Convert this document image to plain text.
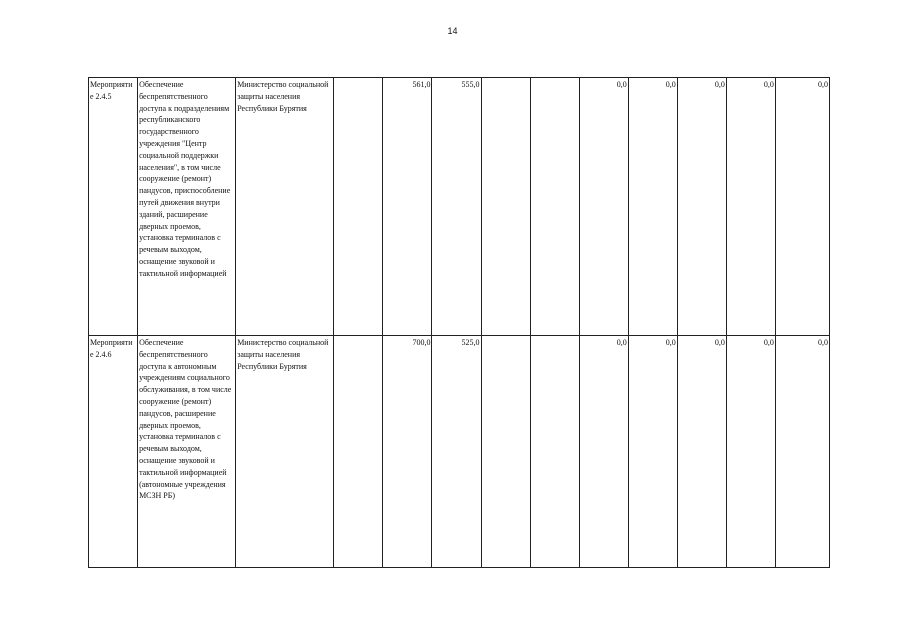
14
Мероприятие 2.4.5	Обеспечение беспрепятственного доступа к подразделениям республиканского государственного учреждения "Центр социальной поддержки населения", в том числе сооружение (ремонт) пандусов, приспособление путей движения внутри зданий, расширение дверных проемов, установка терминалов с речевым выходом, оснащение звуковой и тактильной информацией	Министерство социальной защиты населения Республики Бурятия		561,0	555,0			0,0	0,0	0,0	0,0	0,0
Мероприятие 2.4.6	Обеспечение беспрепятственного доступа к автономным учреждениям социального обслуживания, в том числе сооружение (ремонт) пандусов, расширение дверных проемов, установка терминалов с речевым выходом, оснащение звуковой и тактильной информацией (автономные учреждения МСЗН РБ)	Министерство социальной защиты населения Республики Бурятия		700,0	525,0			0,0	0,0	0,0	0,0	0,0
